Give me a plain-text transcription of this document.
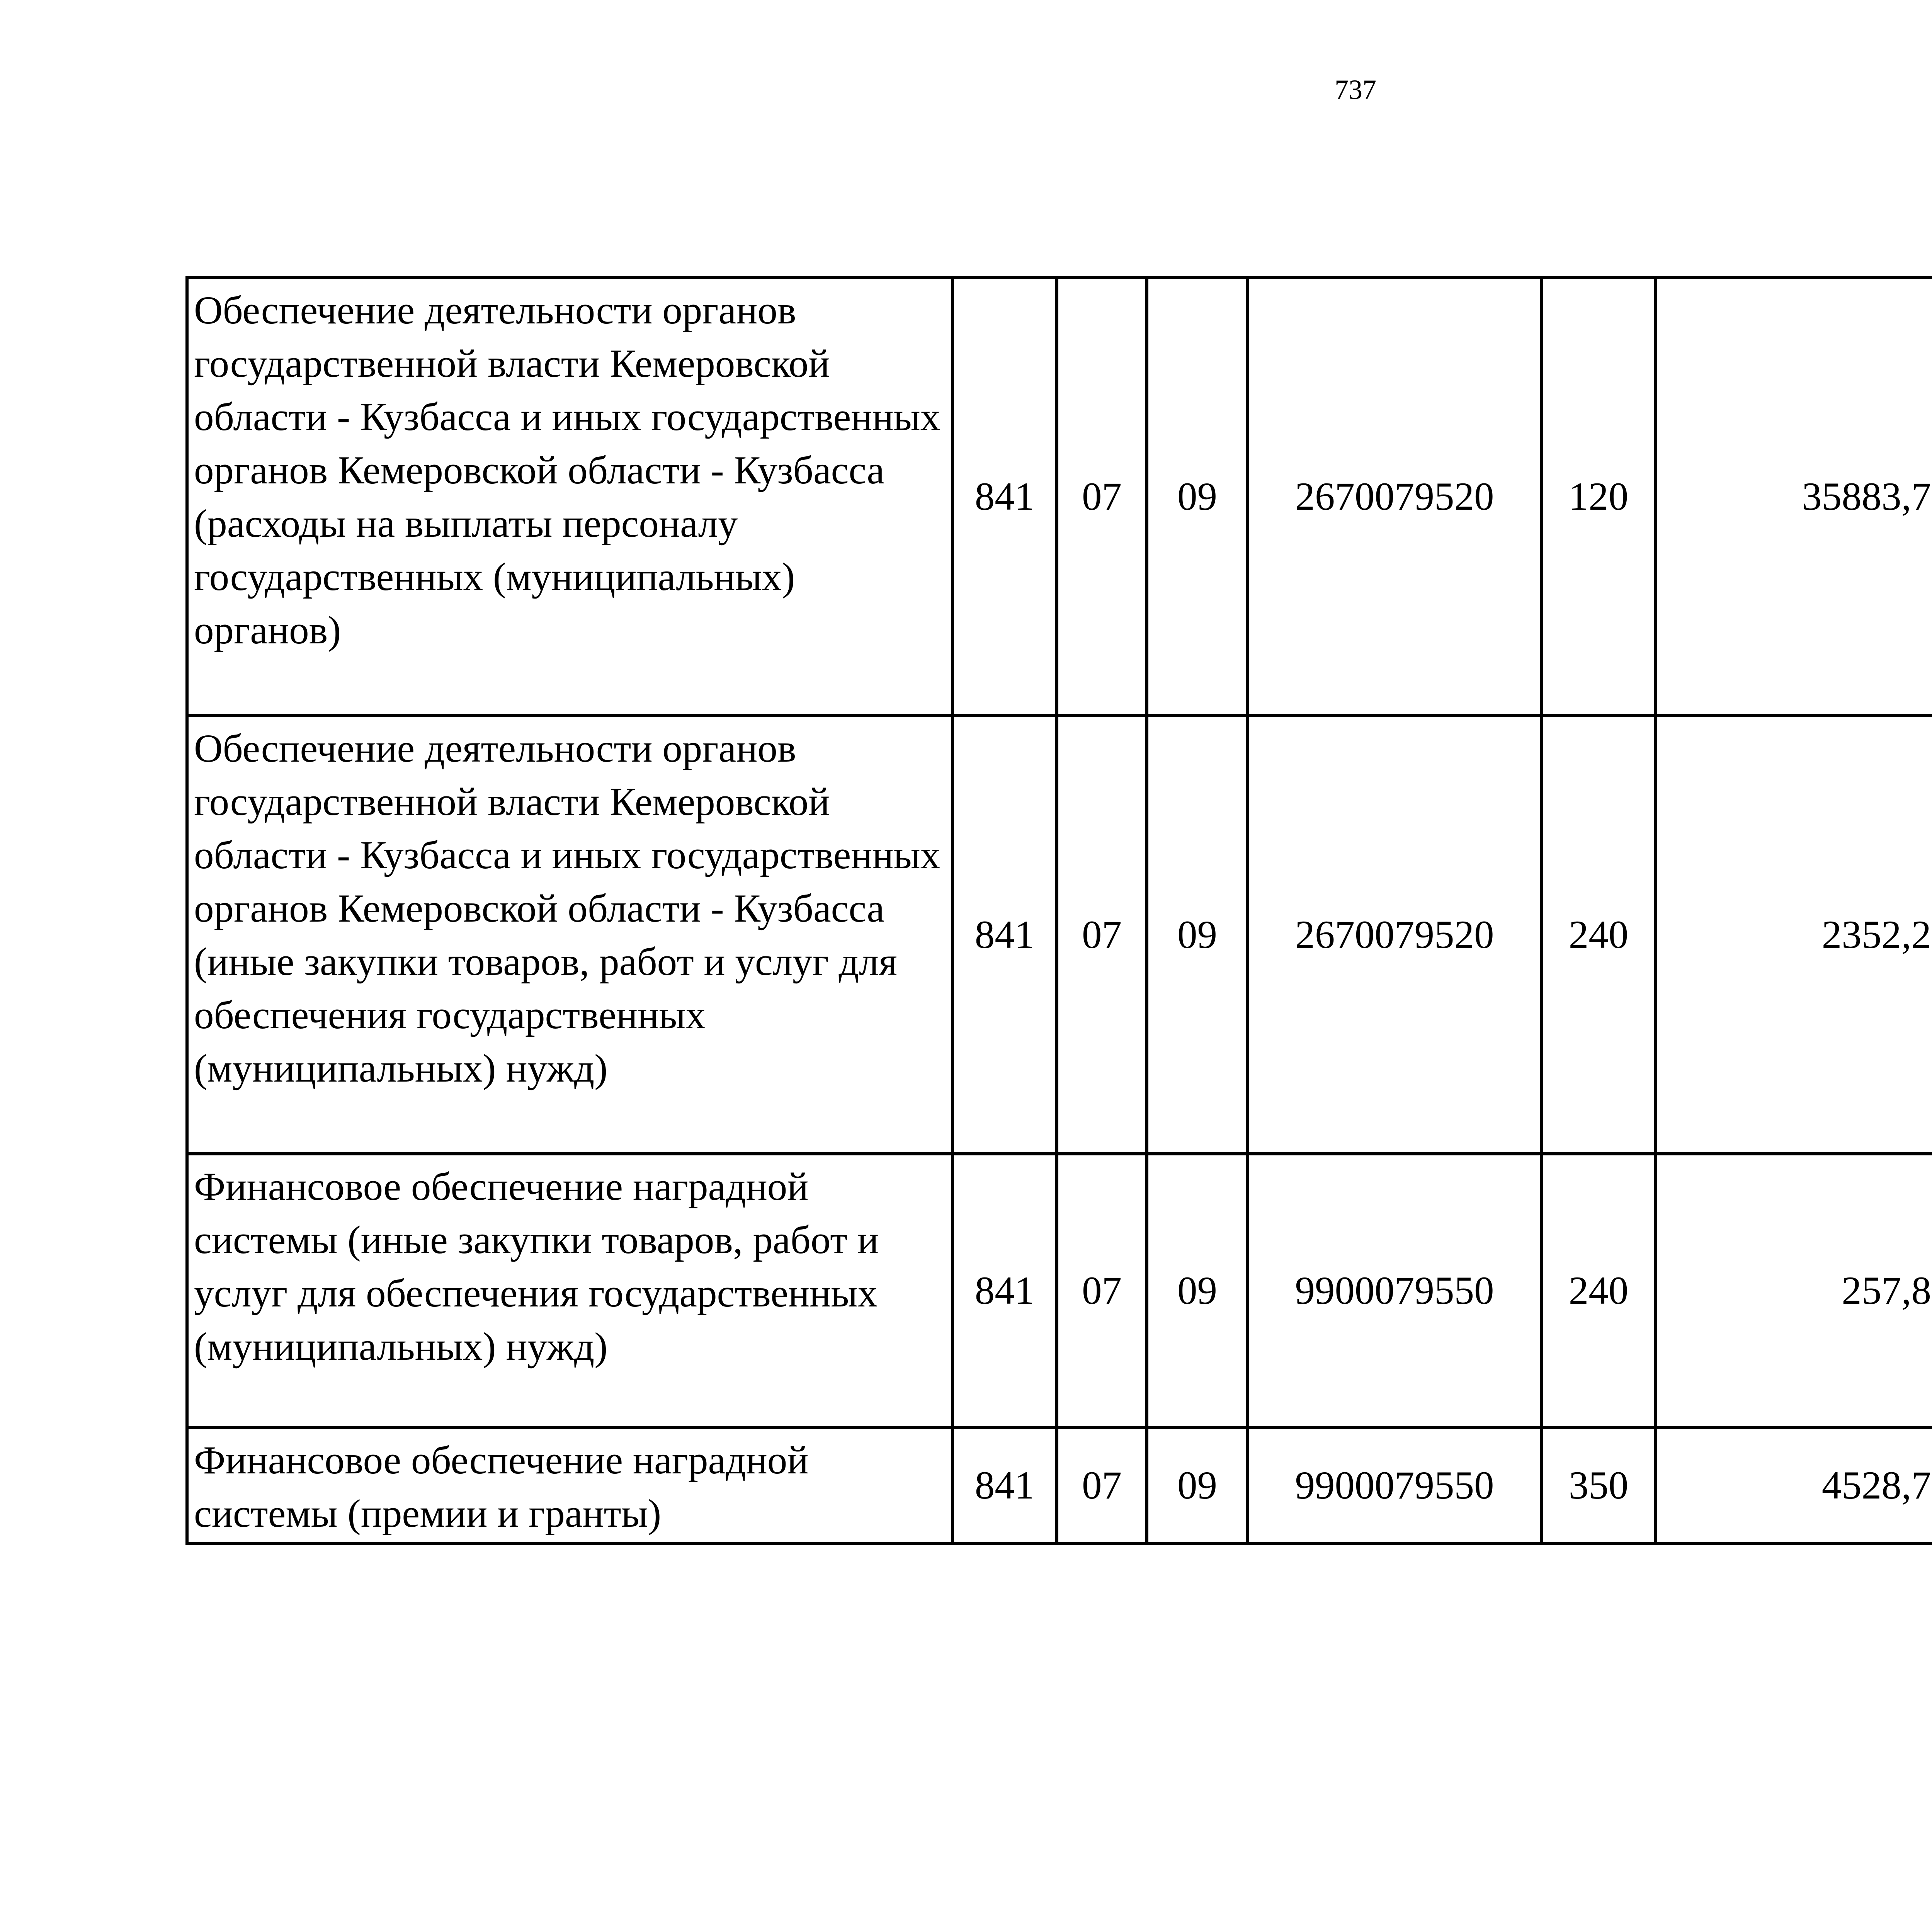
737
Обеспечение деятельности органов государственной власти Кемеровской области - Кузбасса и иных государственных органов Кемеровской области - Кузбасса (расходы на выплаты персоналу государственных (муниципальных) органов)	841	07	09	2670079520	120	35883,7		
Обеспечение деятельности органов государственной власти Кемеровской области - Кузбасса и иных государственных органов Кемеровской области - Кузбасса (иные закупки товаров, работ и услуг для обеспечения государственных (муниципальных) нужд)	841	07	09	2670079520	240	2352,2		
Финансовое обеспечение наградной системы (иные закупки товаров, работ и услуг для обеспечения государственных (муниципальных) нужд)	841	07	09	9900079550	240	257,8		
Финансовое обеспечение наградной системы (премии и гранты)	841	07	09	9900079550	350	4528,7		
